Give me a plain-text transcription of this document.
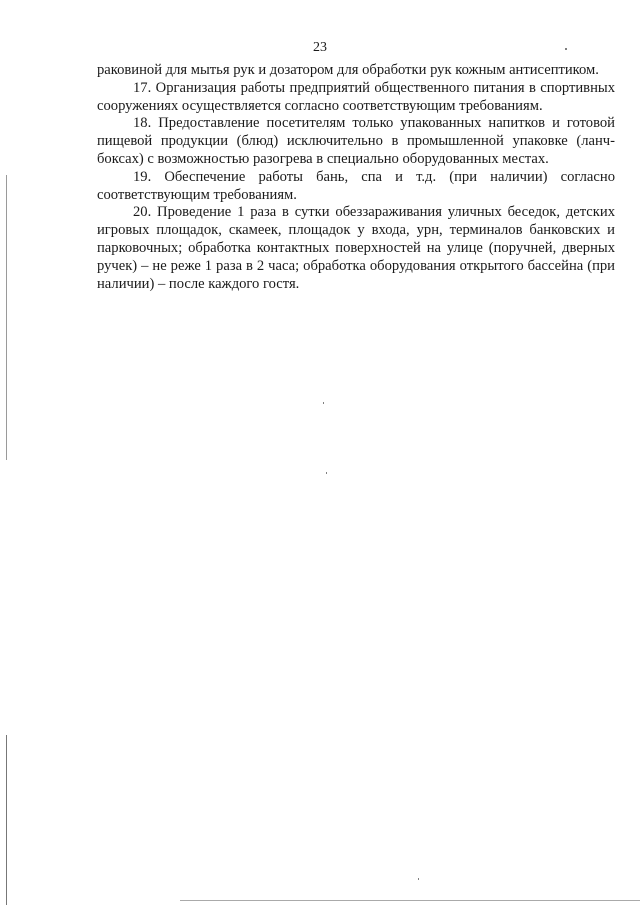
23

раковиной для мытья рук и дозатором для обработки рук кожным антисептиком.

17. Организация работы предприятий общественного питания в спортивных сооружениях осуществляется согласно соответствующим требованиям.

18. Предоставление посетителям только упакованных напитков и готовой пищевой продукции (блюд) исключительно в промышленной упаковке (ланч-боксах) с возможностью разогрева в специально оборудованных местах.

19. Обеспечение работы бань, спа и т.д. (при наличии) согласно соответствующим требованиям.

20. Проведение 1 раза в сутки обеззараживания уличных беседок, детских игровых площадок, скамеек, площадок у входа, урн, терминалов банковских и парковочных; обработка контактных поверхностей на улице (поручней, дверных ручек) – не реже 1 раза в 2 часа; обработка оборудования открытого бассейна (при наличии) – после каждого гостя.
